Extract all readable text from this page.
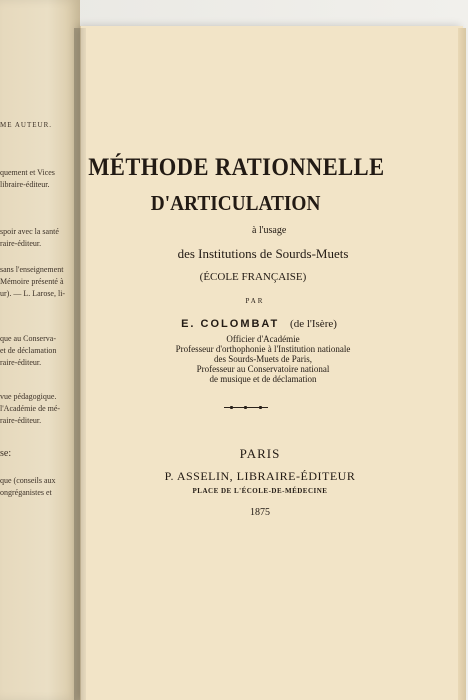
ME AUTEUR.
quement et Vices
libraire-éditeur.
spoir avec la santé
raire-éditeur.
sans l'enseignement
Mémoire présenté à
ur). — L. Larose, li-
que au Conserva-
et de déclamation
raire-éditeur.
vue pédagogique.
l'Académie de mé-
raire-éditeur.
se:
que (conseils aux
ongréganistes et
MÉTHODE RATIONNELLE
D'ARTICULATION
à l'usage
des Institutions de Sourds-Muets
(ÉCOLE FRANÇAISE)
PAR
E. COLOMBAT (de l'Isère)
Officier d'Académie
Professeur d'orthophonie à l'Institution nationale
des Sourds-Muets de Paris,
Professeur au Conservatoire national
de musique et de déclamation
PARIS
P. ASSELIN, LIBRAIRE-ÉDITEUR
PLACE DE L'ÉCOLE-DE-MÉDECINE
1875
